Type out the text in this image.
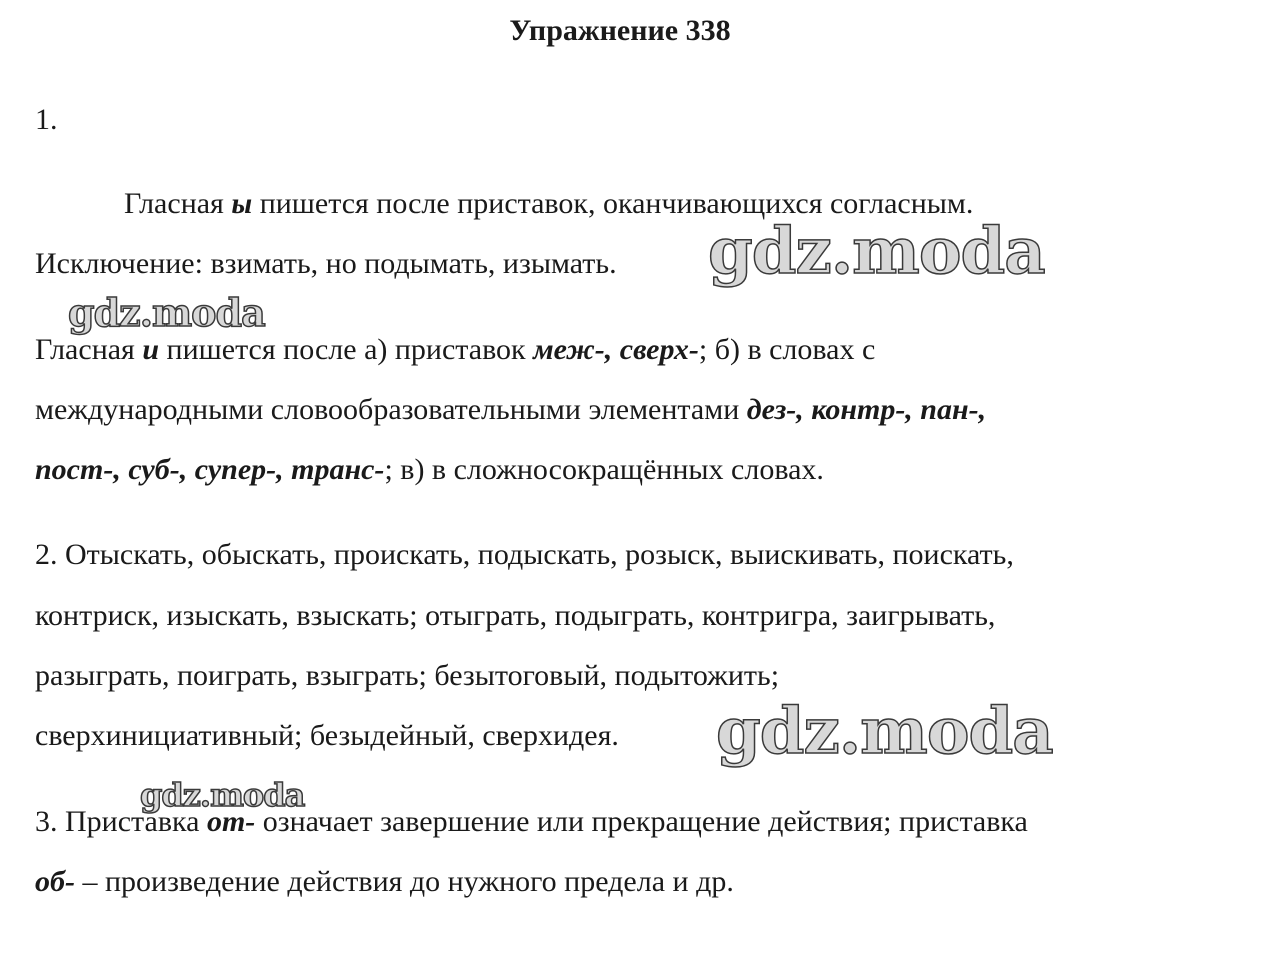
Упражнение 338
1.
Гласная ы пишется после приставок, оканчивающихся согласным.
Исключение: взимать, но подымать, изымать.
Гласная и пишется после а) приставок меж-, сверх-; б) в словах с
международными словообразовательными элементами дез-, контр-, пан-,
пост-, суб-, супер-, транс-; в) в сложносокращённых словах.
2. Отыскать, обыскать, проискать, подыскать, розыск, выискивать, поискать,
контриск, изыскать, взыскать; отыграть, подыграть, контригра, заигрывать,
разыграть, поиграть, взыграть; безытоговый, подытожить;
сверхинициативный; безыдейный, сверхидея.
3. Приставка от- означает завершение или прекращение действия; приставка
об- – произведение действия до нужного предела и др.
gdz.moda
gdz.moda
gdz.moda
gdz.moda
